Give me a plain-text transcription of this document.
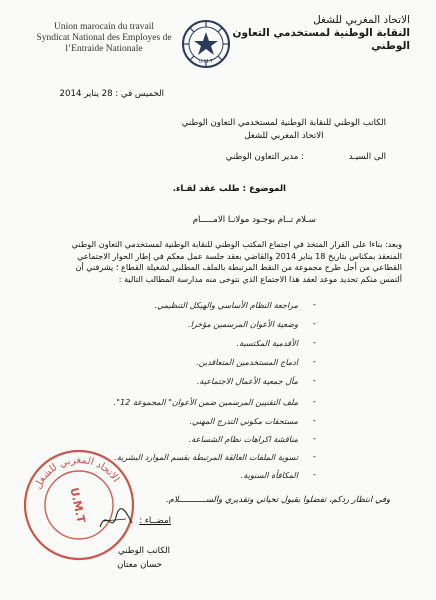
Union marocain du travail
Syndicat National des Employes de
l’Entraide Nationale
U.M.T
الاتحاد المغربي للشغل
النقابة الوطنية لمستخدمي التعاون
الوطني
الخميس في : 28 يناير 2014
الكاتب الوطني للنقابة الوطنية لمستخدمي التعاون الوطني
الاتحاد المغربي للشغل
الى السيـد
: مدير التعاون الوطني
الموضوع : طلب عقد لقـاء.
سـلام تــام بوجـود مولانـا الامـــــام
وبعد: بناءا على القرار المتخذ في اجتماع المكتب الوطني للنقابة الوطنية لمستخدمي التعاون الوطني
المنعقد بمكناس بتاريخ 18 يناير 2014 والقاضي بعقد جلسة عمل معكم في إطار الحوار الاجتماعي
القطاعي من أجل طرح مجموعة من النقط المرتبطة بالملف المطلبي لشغيلة القطاع ؛ يشرفني أن
ألتمس منكم تحديد موعد لعقد هذا الاجتماع الذي نتوخى منه مدارسة المطالب التالية :
-
مراجعة النظام الأساسي والهيكل التنظيمي.
-
وضعية الأعوان المرسمين مؤخرا.
-
الأقدمية المكتسبة.
-
ادماج المستخدمين المتعاقدين.
-
مآل جمعية الأعمال الاجتماعية.
-
ملف التقنيين المرسمين ضمن الأعوان" المجموعة 12".
-
مستحقات مكوني التدرج المهني.
-
مناقشة اكراهات نظام الشساعة.
-
تسوية الملفات العالقة المرتبطة بقسم الموارد البشرية.
-
المكافأة السنوية.
وفي انتظار ردكم، تفضلوا بقبول تحياتي وتقديري والســـــــــــلام.
امضــاء :
الكاتب الوطني
حسان معتان
الاتحاد المغربي للشغل
U.M.T
